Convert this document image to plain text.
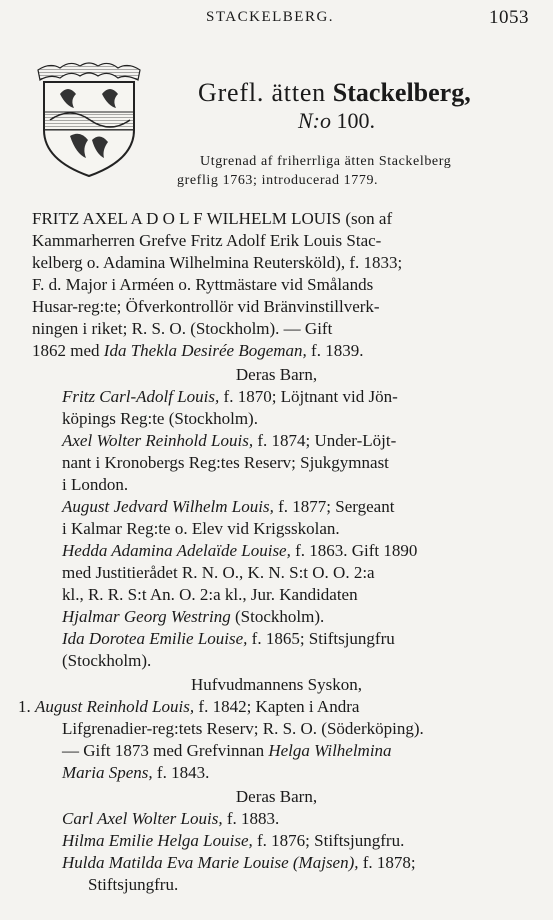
STACKELBERG.	1053
Grefl. ätten Stackelberg,
N:o 100.
Utgrenad af friherrliga ätten Stackelberg
greflig 1763; introducerad 1779.
FRITZ AXEL A D O L F WILHELM LOUIS (son af
Kammarherren Grefve Fritz Adolf Erik Louis Stac-
kelberg o. Adamina Wilhelmina Reutersköld), f. 1833;
F. d. Major i Arméen o. Ryttmästare vid Smålands
Husar-reg:te; Öfverkontrollör vid Bränvinstillverk-
ningen i riket; R. S. O. (Stockholm). — Gift
1862 med Ida Thekla Desirée Bogeman, f. 1839.
Deras Barn,
Fritz Carl-Adolf Louis, f. 1870; Löjtnant vid Jön-
köpings Reg:te (Stockholm).
Axel Wolter Reinhold Louis, f. 1874; Under-Löjt-
nant i Kronobergs Reg:tes Reserv; Sjukgymnast
i London.
August Jedvard Wilhelm Louis, f. 1877; Sergeant
i Kalmar Reg:te o. Elev vid Krigsskolan.
Hedda Adamina Adelaïde Louise, f. 1863. Gift 1890
med Justitierådet R. N. O., K. N. S:t O. O. 2:a
kl., R. R. S:t An. O. 2:a kl., Jur. Kandidaten
Hjalmar Georg Westring (Stockholm).
Ida Dorotea Emilie Louise, f. 1865; Stiftsjungfru
(Stockholm).
Hufvudmannens Syskon,
1. August Reinhold Louis, f. 1842; Kapten i Andra
Lifgrenadier-reg:tets Reserv; R. S. O. (Söderköping).
— Gift 1873 med Grefvinnan Helga Wilhelmina
Maria Spens, f. 1843.
Deras Barn,
Carl Axel Wolter Louis, f. 1883.
Hilma Emilie Helga Louise, f. 1876; Stiftsjungfru.
Hulda Matilda Eva Marie Louise (Majsen), f. 1878;
Stiftsjungfru.
